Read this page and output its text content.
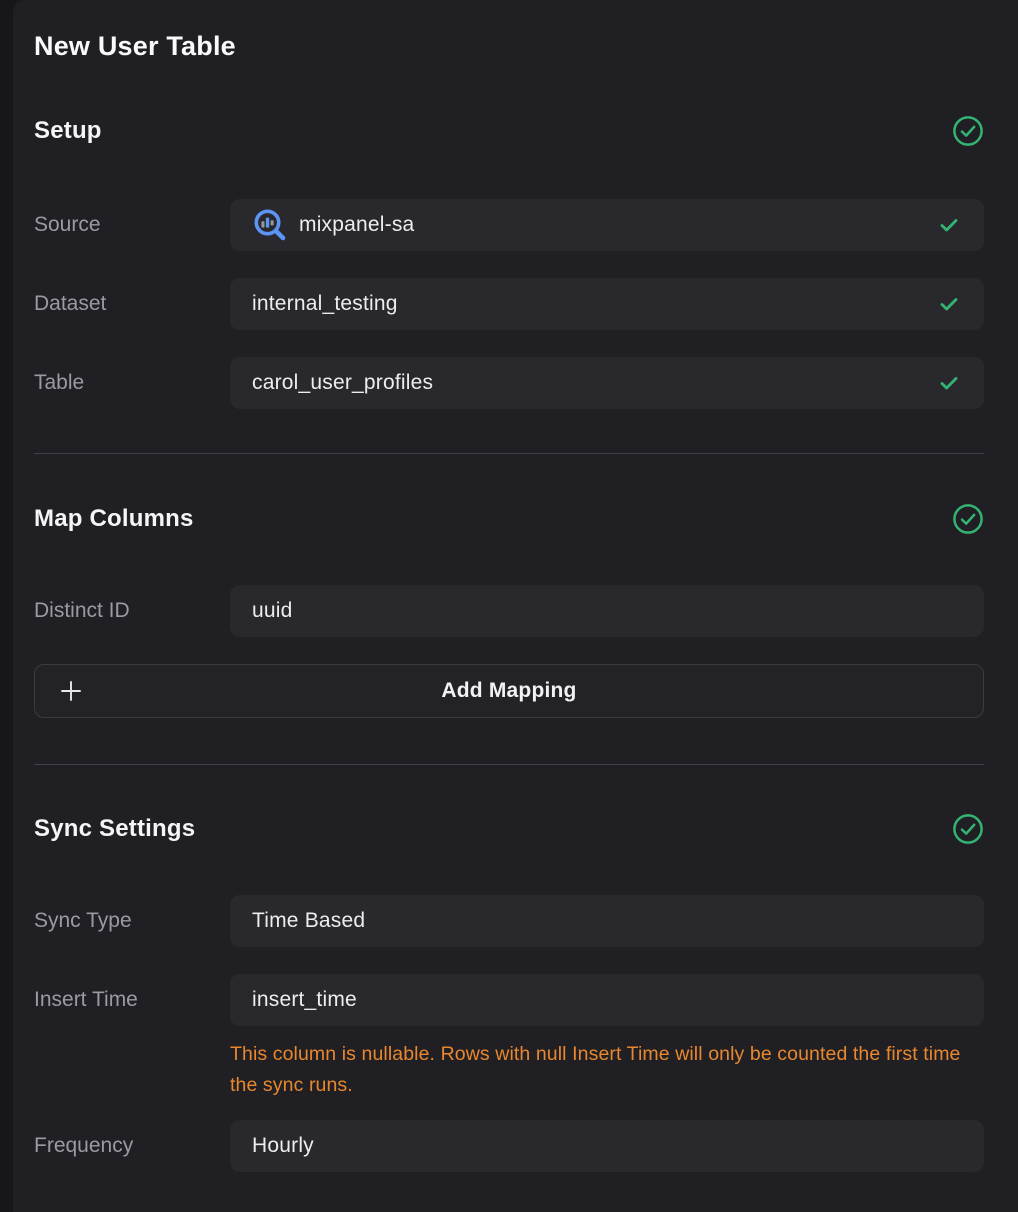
New User Table
Setup
Source	mixpanel-sa
Dataset	internal_testing
Table	carol_user_profiles
Map Columns
Distinct ID	uuid
Add Mapping
Sync Settings
Sync Type	Time Based
Insert Time	insert_time
This column is nullable. Rows with null Insert Time will only be counted the first time the sync runs.
Frequency	Hourly
